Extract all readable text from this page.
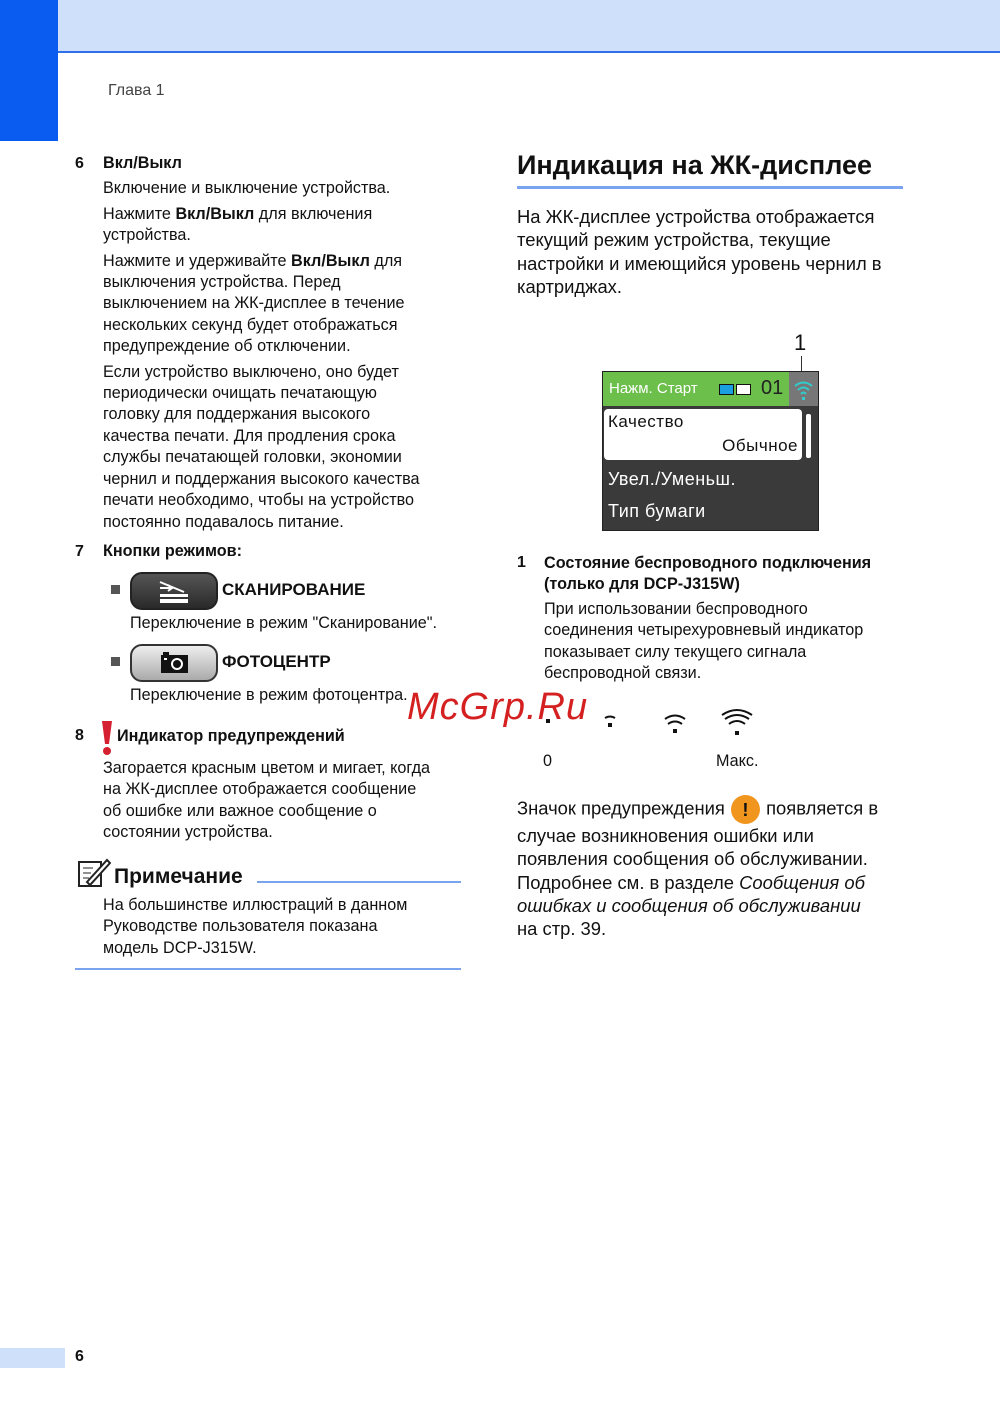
Глава 1
6 Вкл/Выкл

Включение и выключение устройства.

Нажмите Вкл/Выкл для включения
устройства.

Нажмите и удерживайте Вкл/Выкл для
выключения устройства. Перед
выключением на ЖК-дисплее в течение
нескольких секунд будет отображаться
предупреждение об отключении.

Если устройство выключено, оно будет
периодически очищать печатающую
головку для поддержания высокого
качества печати. Для продления срока
службы печатающей головки, экономии
чернил и поддержания высокого качества
печати необходимо, чтобы на устройство
постоянно подавалось питание.

7 Кнопки режимов:
СКАНИРОВАНИЕ
Переключение в режим "Сканирование".
ФОТОЦЕНТР
Переключение в режим фотоцентра.
8 Индикатор предупреждений
Загорается красным цветом и мигает, когда
на ЖК-дисплее отображается сообщение
об ошибке или важное сообщение о
состоянии устройства.
Примечание
На большинстве иллюстраций в данном
Руководстве пользователя показана
модель DCP-J315W.
Индикация на ЖК-дисплее
На ЖК-дисплее устройства отображается
текущий режим устройства, текущие
настройки и имеющийся уровень чернил в
картриджах.
1
Нажм. Старт	01
Качество
Обычное
Увел./Уменьш.
Тип бумаги
1 Состояние беспроводного подключения
(только для DCP-J315W)
При использовании беспроводного
соединения четырехуровневый индикатор
показывает силу текущего сигнала
беспроводной связи.
0	Макс.
Значок предупреждения ! появляется в
случае возникновения ошибки или
появления сообщения об обслуживании.
Подробнее см. в разделе Сообщения об
ошибках и сообщения об обслуживании
на стр. 39.
McGrp.Ru
6
